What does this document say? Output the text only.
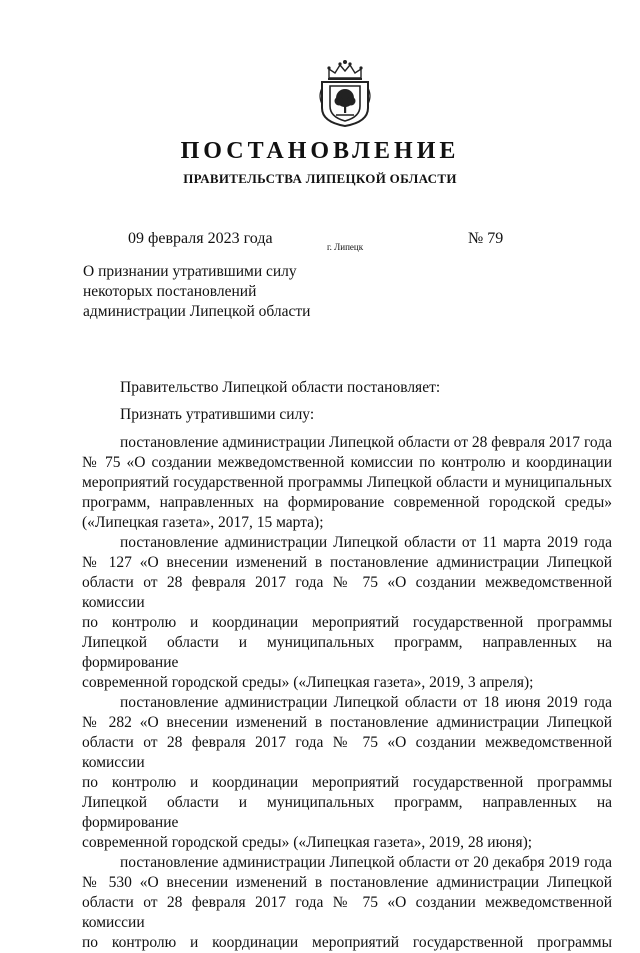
ПОСТАНОВЛЕНИЕ
ПРАВИТЕЛЬСТВА ЛИПЕЦКОЙ ОБЛАСТИ
09 февраля 2023 года	г. Липецк	№ 79
О признании утратившими силу
некоторых постановлений
администрации Липецкой области

Правительство Липецкой области постановляет:

Признать утратившими силу:

постановление администрации Липецкой области от 28 февраля 2017 года
№ 75 «О создании межведомственной комиссии по контролю и координации
мероприятий государственной программы Липецкой области и муниципальных
программ, направленных на формирование современной городской среды»
(«Липецкая газета», 2017, 15 марта);
постановление администрации Липецкой области от 11 марта 2019 года
№ 127 «О внесении изменений в постановление администрации Липецкой
области от 28 февраля 2017 года № 75 «О создании межведомственной комиссии
по контролю и координации мероприятий государственной программы
Липецкой области и муниципальных программ, направленных на формирование
современной городской среды» («Липецкая газета», 2019, 3 апреля);
постановление администрации Липецкой области от 18 июня 2019 года
№ 282 «О внесении изменений в постановление администрации Липецкой
области от 28 февраля 2017 года № 75 «О создании межведомственной комиссии
по контролю и координации мероприятий государственной программы
Липецкой области и муниципальных программ, направленных на формирование
современной городской среды» («Липецкая газета», 2019, 28 июня);
постановление администрации Липецкой области от 20 декабря 2019 года
№ 530 «О внесении изменений в постановление администрации Липецкой
области от 28 февраля 2017 года № 75 «О создании межведомственной комиссии
по контролю и координации мероприятий государственной программы
